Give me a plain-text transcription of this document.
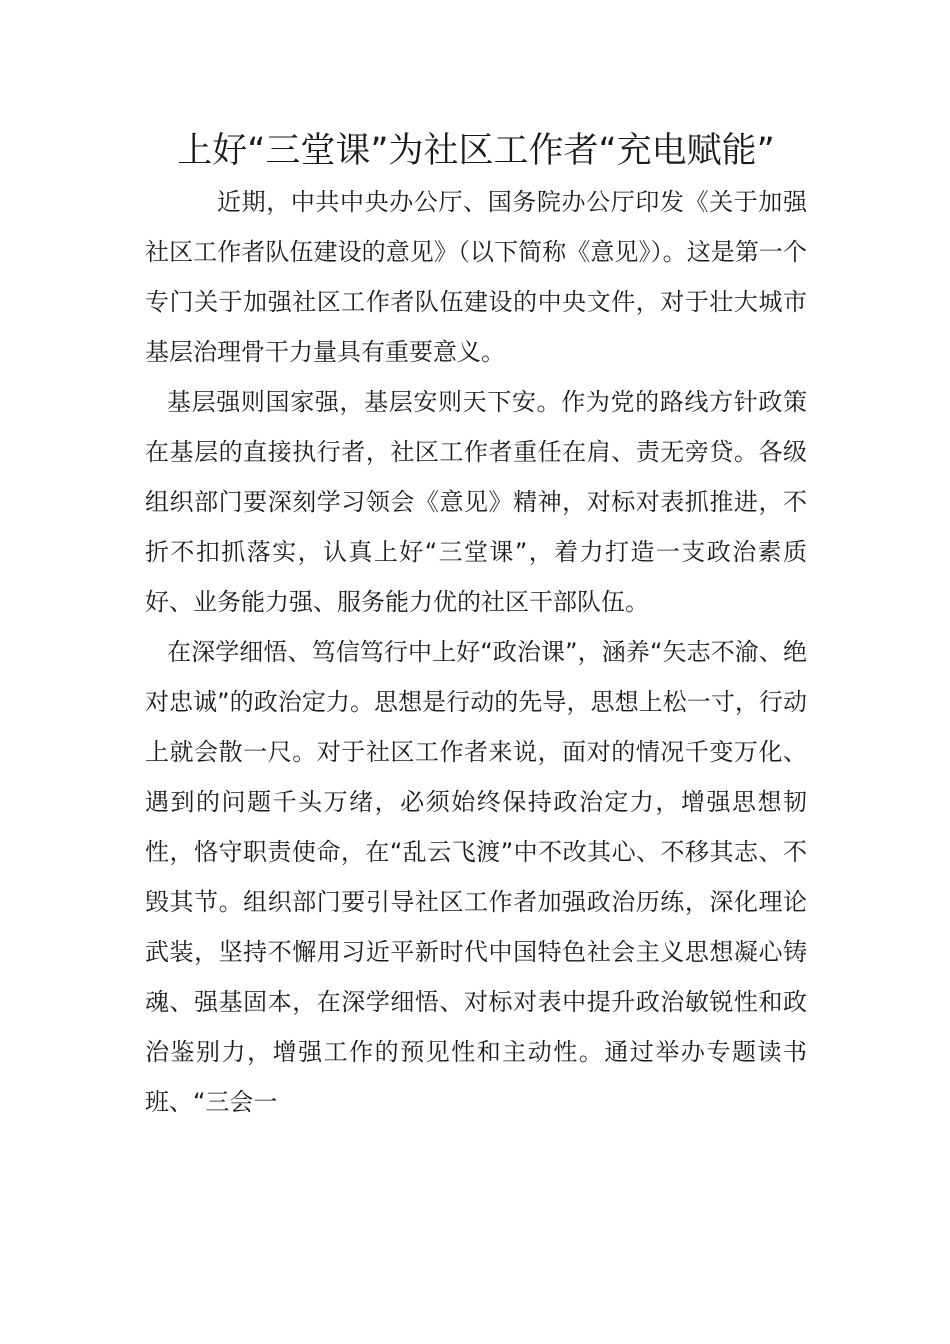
上好“三堂课”为社区工作者“充电赋能”

近期，中共中央办公厅、国务院办公厅印发《关于加强社区工作者队伍建设的意见》（以下简称《意见》）。这是第一个专门关于加强社区工作者队伍建设的中央文件，对于壮大城市基层治理骨干力量具有重要意义。

基层强则国家强，基层安则天下安。作为党的路线方针政策在基层的直接执行者，社区工作者重任在肩、责无旁贷。各级组织部门要深刻学习领会《意见》精神，对标对表抓推进，不折不扣抓落实，认真上好“三堂课”，着力打造一支政治素质好、业务能力强、服务能力优的社区干部队伍。

在深学细悟、笃信笃行中上好“政治课”，涵养“矢志不渝、绝对忠诚”的政治定力。思想是行动的先导，思想上松一寸，行动上就会散一尺。对于社区工作者来说，面对的情况千变万化、遇到的问题千头万绪，必须始终保持政治定力，增强思想韧性，恪守职责使命，在“乱云飞渡”中不改其心、不移其志、不毁其节。组织部门要引导社区工作者加强政治历练，深化理论武装，坚持不懈用习近平新时代中国特色社会主义思想凝心铸魂、强基固本，在深学细悟、对标对表中提升政治敏锐性和政治鉴别力，增强工作的预见性和主动性。通过举办专题读书班、“三会一
